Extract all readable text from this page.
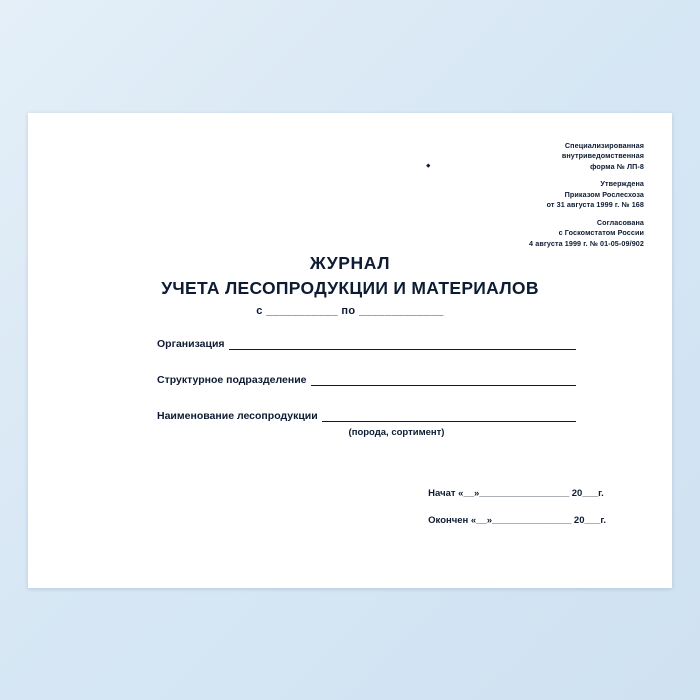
Специализированная
внутриведомственная
форма № ЛП-8
Утверждена
Приказом Рослесхоза
от 31 августа 1999 г. № 168
Согласована
с Госкомстатом России
4 августа 1999 г. № 01-05-09/902
ЖУРНАЛ
УЧЕТА ЛЕСОПРОДУКЦИИ И МАТЕРИАЛОВ
с ___________ по _____________
Организация
Структурное подразделение
Наименование лесопродукции
(порода, сортимент)
Начат «__»_________________ 20___г.
Окончен «__»_______________ 20___г.
